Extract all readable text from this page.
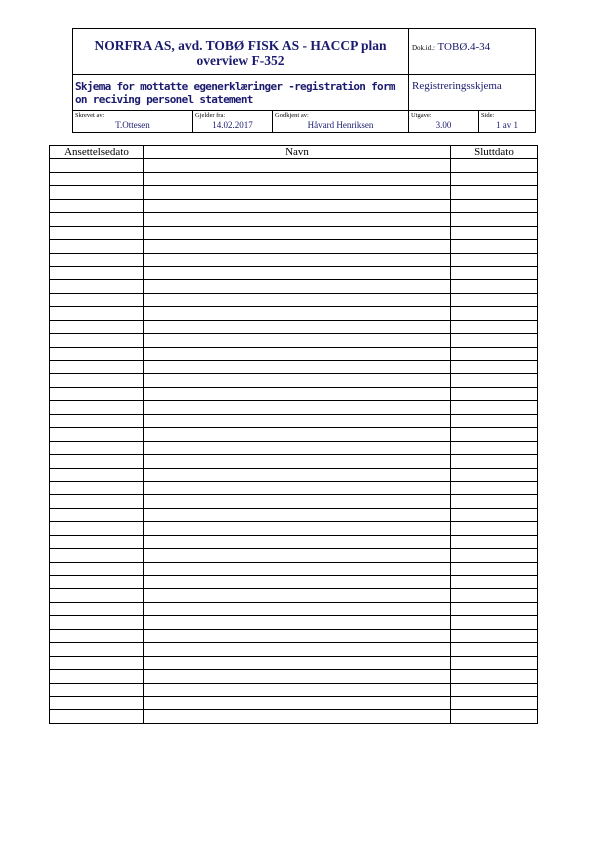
NORFRA AS, avd. TOBØ FISK AS - HACCP plan overview F-352
Dok.id.: TOBØ.4-34
Skjema for mottatte egenerklæringer -registration form on reciving personel statement
Registreringsskjema
Skrevet av:
T.Ottesen
Gjelder fra:
14.02.2017
Godkjent av:
Håvard Henriksen
Utgave:
3.00
Side:
1 av 1
Ansettelsedato	Navn	Sluttdato
